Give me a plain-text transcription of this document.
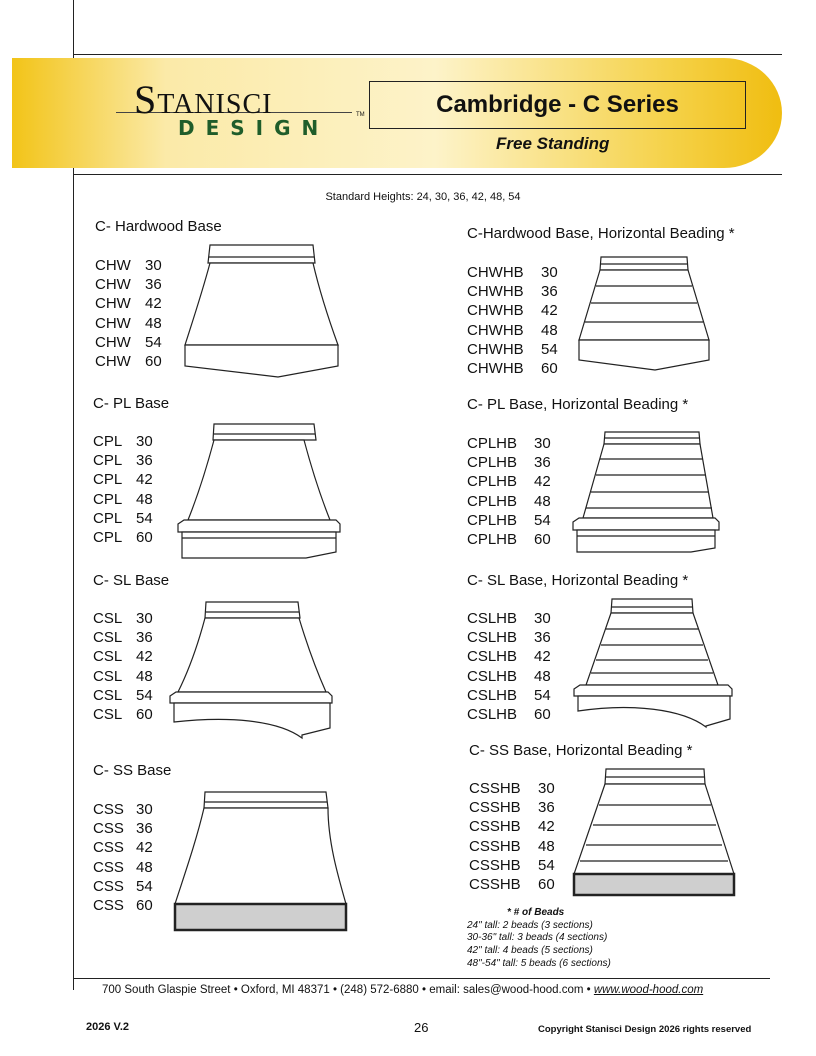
Stanisci
DESIGN
TM	Cambridge - C Series
Free Standing
Standard Heights: 24, 30, 36, 42, 48, 54
C- Hardwood Base
CHW 30
CHW 36
CHW 42
CHW 48
CHW 54
CHW 60
C-Hardwood Base, Horizontal Beading *
CHWHB	30
CHWHB	36
CHWHB	42
CHWHB	48
CHWHB	54
CHWHB	60
C- PL Base
CPL 30
CPL 36
CPL 42
CPL 48
CPL 54
CPL 60
C- PL Base, Horizontal Beading *
CPLHB	30
CPLHB	36
CPLHB	42
CPLHB	48
CPLHB	54
CPLHB	60
C- SL Base
CSL 30
CSL 36
CSL 42
CSL 48
CSL 54
CSL 60
C- SL Base, Horizontal Beading *
CSLHB	30
CSLHB	36
CSLHB	42
CSLHB	48
CSLHB	54
CSLHB	60
C- SS Base
CSS 30
CSS 36
CSS 42
CSS 48
CSS 54
CSS 60
C- SS Base, Horizontal Beading *
CSSHB	30
CSSHB	36
CSSHB	42
CSSHB	48
CSSHB	54
CSSHB	60
* # of Beads
24" tall: 2 beads (3 sections)
30-36" tall: 3 beads (4 sections)
42" tall: 4 beads (5 sections)
48"-54" tall: 5 beads (6 sections)
700 South Glaspie Street • Oxford, MI 48371 • (248) 572-6880 • email: sales@wood-hood.com • www.wood-hood.com
2026 V.2	26	Copyright Stanisci Design 2026 rights reserved
